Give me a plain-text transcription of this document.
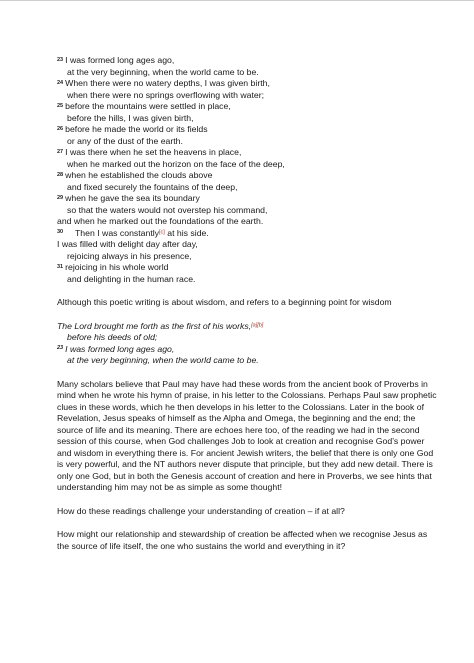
$^{23}$ I was formed long ages ago,
at the very beginning, when the world came to be.
$^{24}$ When there were no watery depths, I was given birth,
when there were no springs overflowing with water;
$^{25}$ before the mountains were settled in place,
before the hills, I was given birth,
$^{26}$ before he made the world or its fields
or any of the dust of the earth.
$^{27}$ I was there when he set the heavens in place,
when he marked out the horizon on the face of the deep,
$^{28}$ when he established the clouds above
and fixed securely the fountains of the deep,
$^{29}$ when he gave the sea its boundary
so that the waters would not overstep his command,
and when he marked out the foundations of the earth.
30 Then I was constantly[c] at his side.
I was filled with delight day after day,
rejoicing always in his presence,
$^{31}$ rejoicing in his whole world
and delighting in the human race.

Although this poetic writing is about wisdom, and refers to a beginning point for wisdom

The Lord brought me forth as the first of his works,[a][b]
before his deeds of old;
$^{23}$ I was formed long ages ago,
at the very beginning, when the world came to be.

Many scholars believe that Paul may have had these words from the ancient book of Proverbs in mind when he wrote his hymn of praise, in his letter to the Colossians. Perhaps Paul saw prophetic clues in these words, which he then develops in his letter to the Colossians. Later in the book of Revelation, Jesus speaks of himself as the Alpha and Omega, the beginning and the end; the source of life and its meaning. There are echoes here too, of the reading we had in the second session of this course, when God challenges Job to look at creation and recognise God’s power and wisdom in everything there is. For ancient Jewish writers, the belief that there is only one God is very powerful, and the NT authors never dispute that principle, but they add new detail. There is only one God, but in both the Genesis account of creation and here in Proverbs, we see hints that understanding him may not be as simple as some thought!

How do these readings challenge your understanding of creation – if at all?

How might our relationship and stewardship of creation be affected when we recognise Jesus as the source of life itself, the one who sustains the world and everything in it?
